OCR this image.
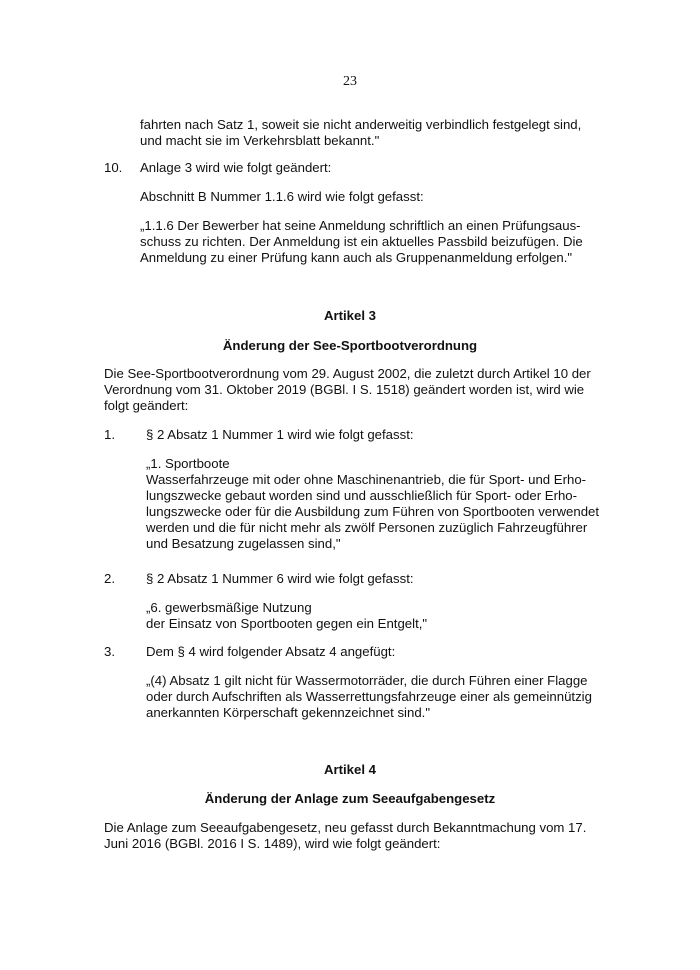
23

fahrten nach Satz 1, soweit sie nicht anderweitig verbindlich festgelegt sind,
und macht sie im Verkehrsblatt bekannt."

10.	Anlage 3 wird wie folgt geändert:
Abschnitt B Nummer 1.1.6 wird wie folgt gefasst:

„1.1.6 Der Bewerber hat seine Anmeldung schriftlich an einen Prüfungsaus-
schuss zu richten. Der Anmeldung ist ein aktuelles Passbild beizufügen. Die
Anmeldung zu einer Prüfung kann auch als Gruppenanmeldung erfolgen."

Artikel 3
Änderung der See-Sportbootverordnung

Die See-Sportbootverordnung vom 29. August 2002, die zuletzt durch Artikel 10 der
Verordnung vom 31. Oktober 2019 (BGBl. I S. 1518) geändert worden ist, wird wie
folgt geändert:

1.	§ 2 Absatz 1 Nummer 1 wird wie folgt gefasst:

„1. Sportboote
Wasserfahrzeuge mit oder ohne Maschinenantrieb, die für Sport- und Erho-
lungszwecke gebaut worden sind und ausschließlich für Sport- oder Erho-
lungszwecke oder für die Ausbildung zum Führen von Sportbooten verwendet
werden und die für nicht mehr als zwölf Personen zuzüglich Fahrzeugführer
und Besatzung zugelassen sind,"

2.	§ 2 Absatz 1 Nummer 6 wird wie folgt gefasst:

„6. gewerbsmäßige Nutzung
der Einsatz von Sportbooten gegen ein Entgelt,"

3.	Dem § 4 wird folgender Absatz 4 angefügt:

„(4) Absatz 1 gilt nicht für Wassermotorräder, die durch Führen einer Flagge
oder durch Aufschriften als Wasserrettungsfahrzeuge einer als gemeinnützig
anerkannten Körperschaft gekennzeichnet sind."

Artikel 4
Änderung der Anlage zum Seeaufgabengesetz

Die Anlage zum Seeaufgabengesetz, neu gefasst durch Bekanntmachung vom 17.
Juni 2016 (BGBl. 2016 I S. 1489), wird wie folgt geändert:
